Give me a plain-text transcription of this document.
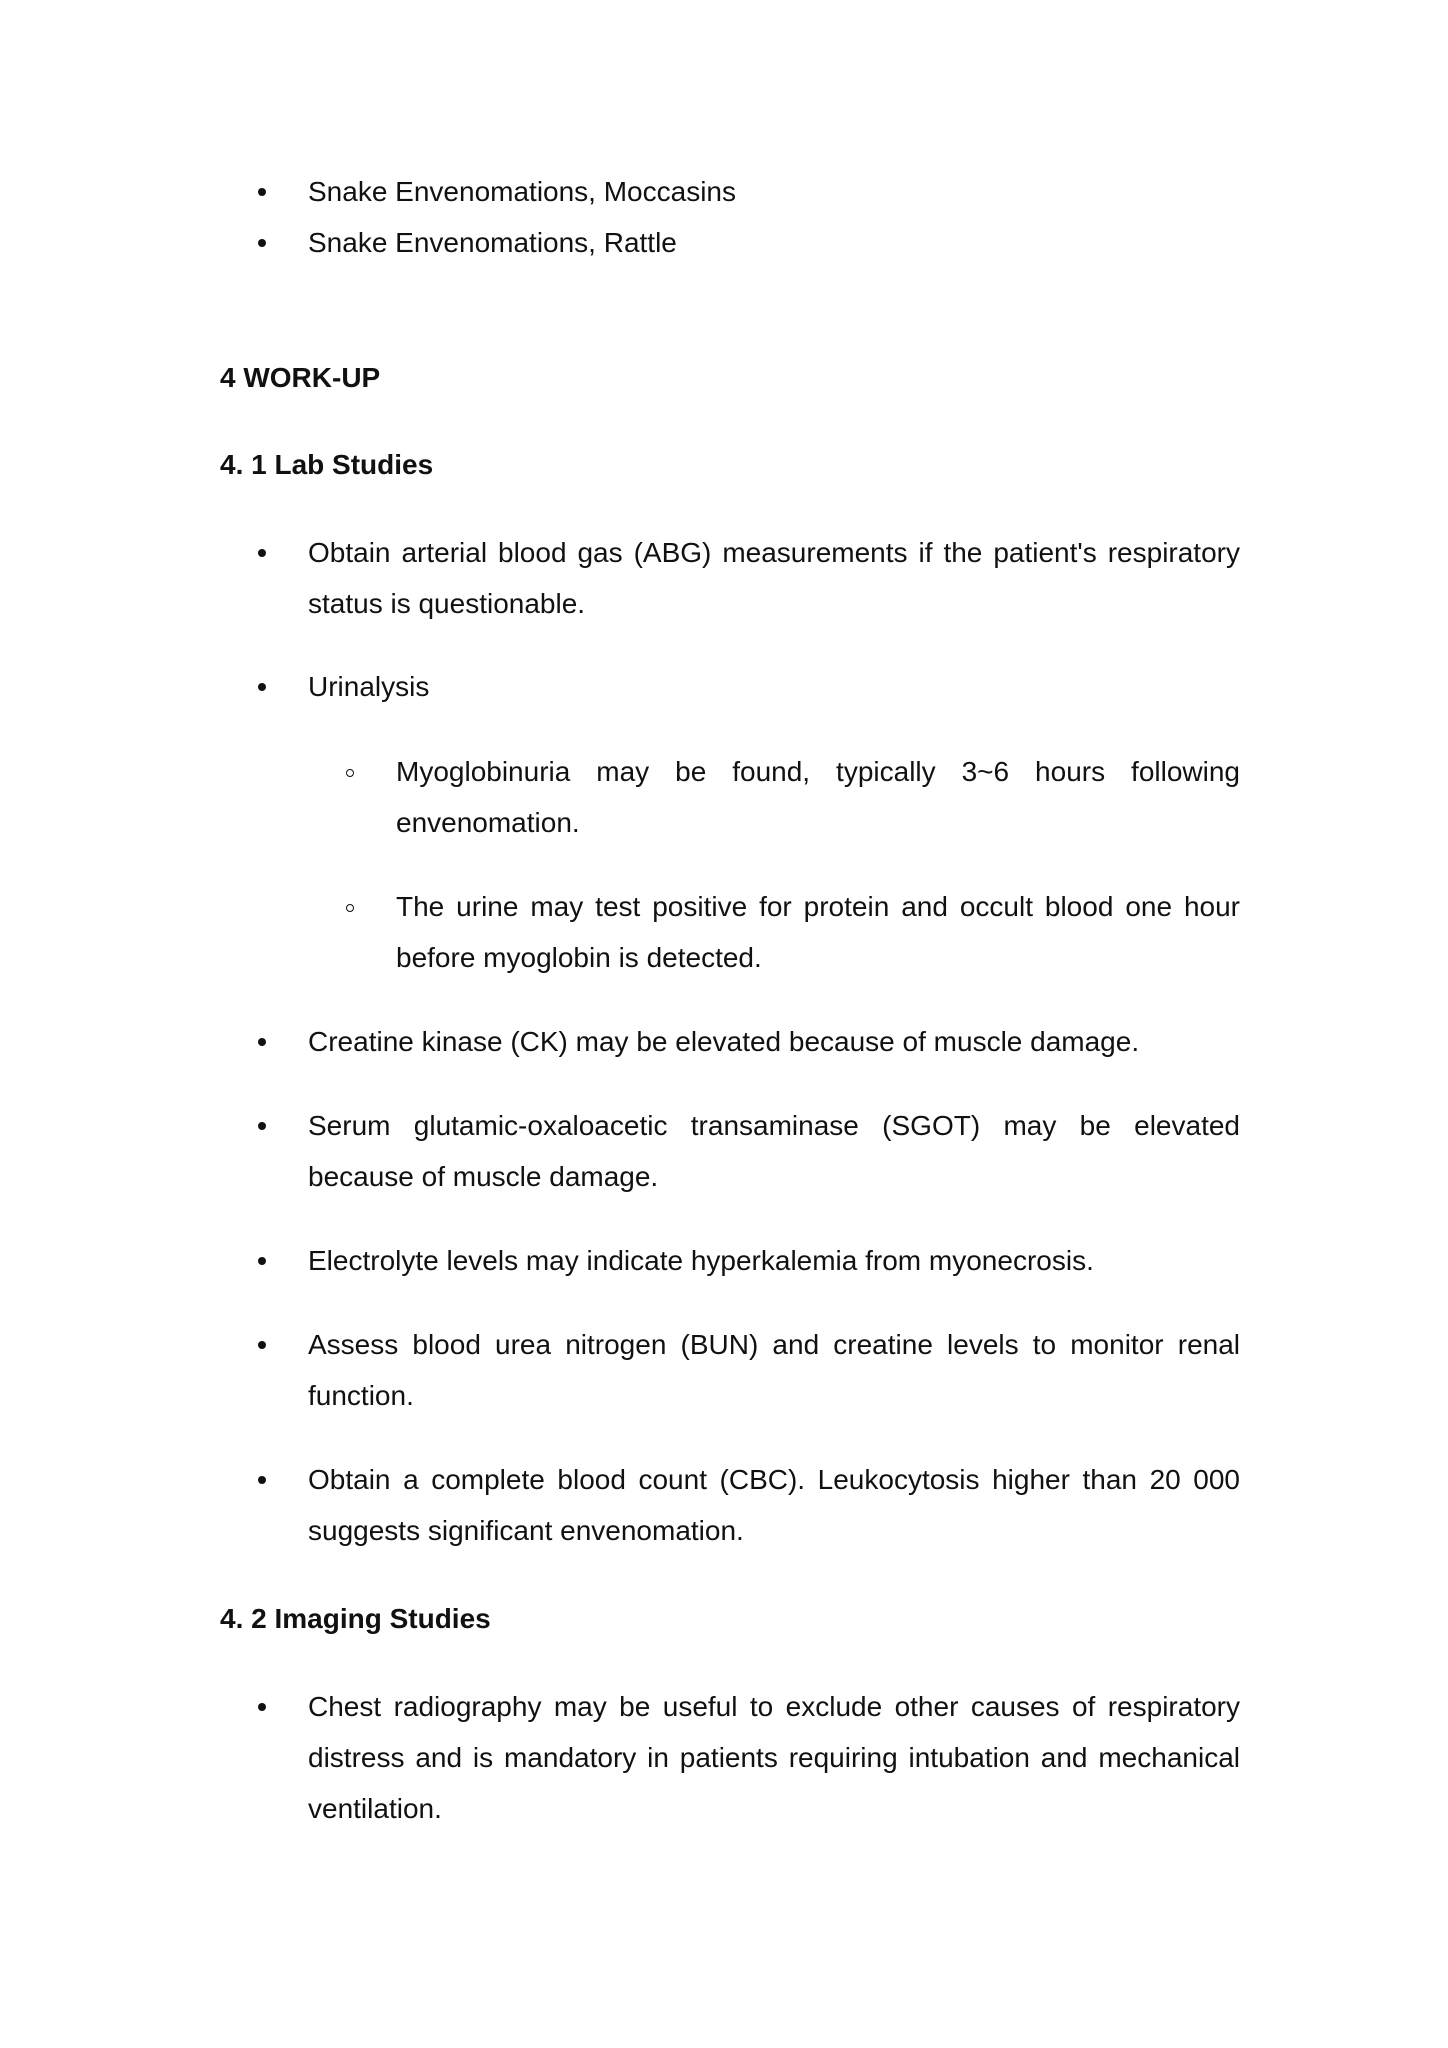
Snake Envenomations, Moccasins
Snake Envenomations, Rattle
4 WORK-UP
4. 1 Lab Studies
Obtain arterial blood gas (ABG) measurements if the patient's respiratory status is questionable.
Urinalysis
Myoglobinuria may be found, typically 3~6 hours following envenomation.
The urine may test positive for protein and occult blood one hour before myoglobin is detected.
Creatine kinase (CK) may be elevated because of muscle damage.
Serum glutamic-oxaloacetic transaminase (SGOT) may be elevated because of muscle damage.
Electrolyte levels may indicate hyperkalemia from myonecrosis.
Assess blood urea nitrogen (BUN) and creatine levels to monitor renal function.
Obtain a complete blood count (CBC). Leukocytosis higher than 20 000 suggests significant envenomation.
4. 2 Imaging Studies
Chest radiography may be useful to exclude other causes of respiratory distress and is mandatory in patients requiring intubation and mechanical ventilation.
